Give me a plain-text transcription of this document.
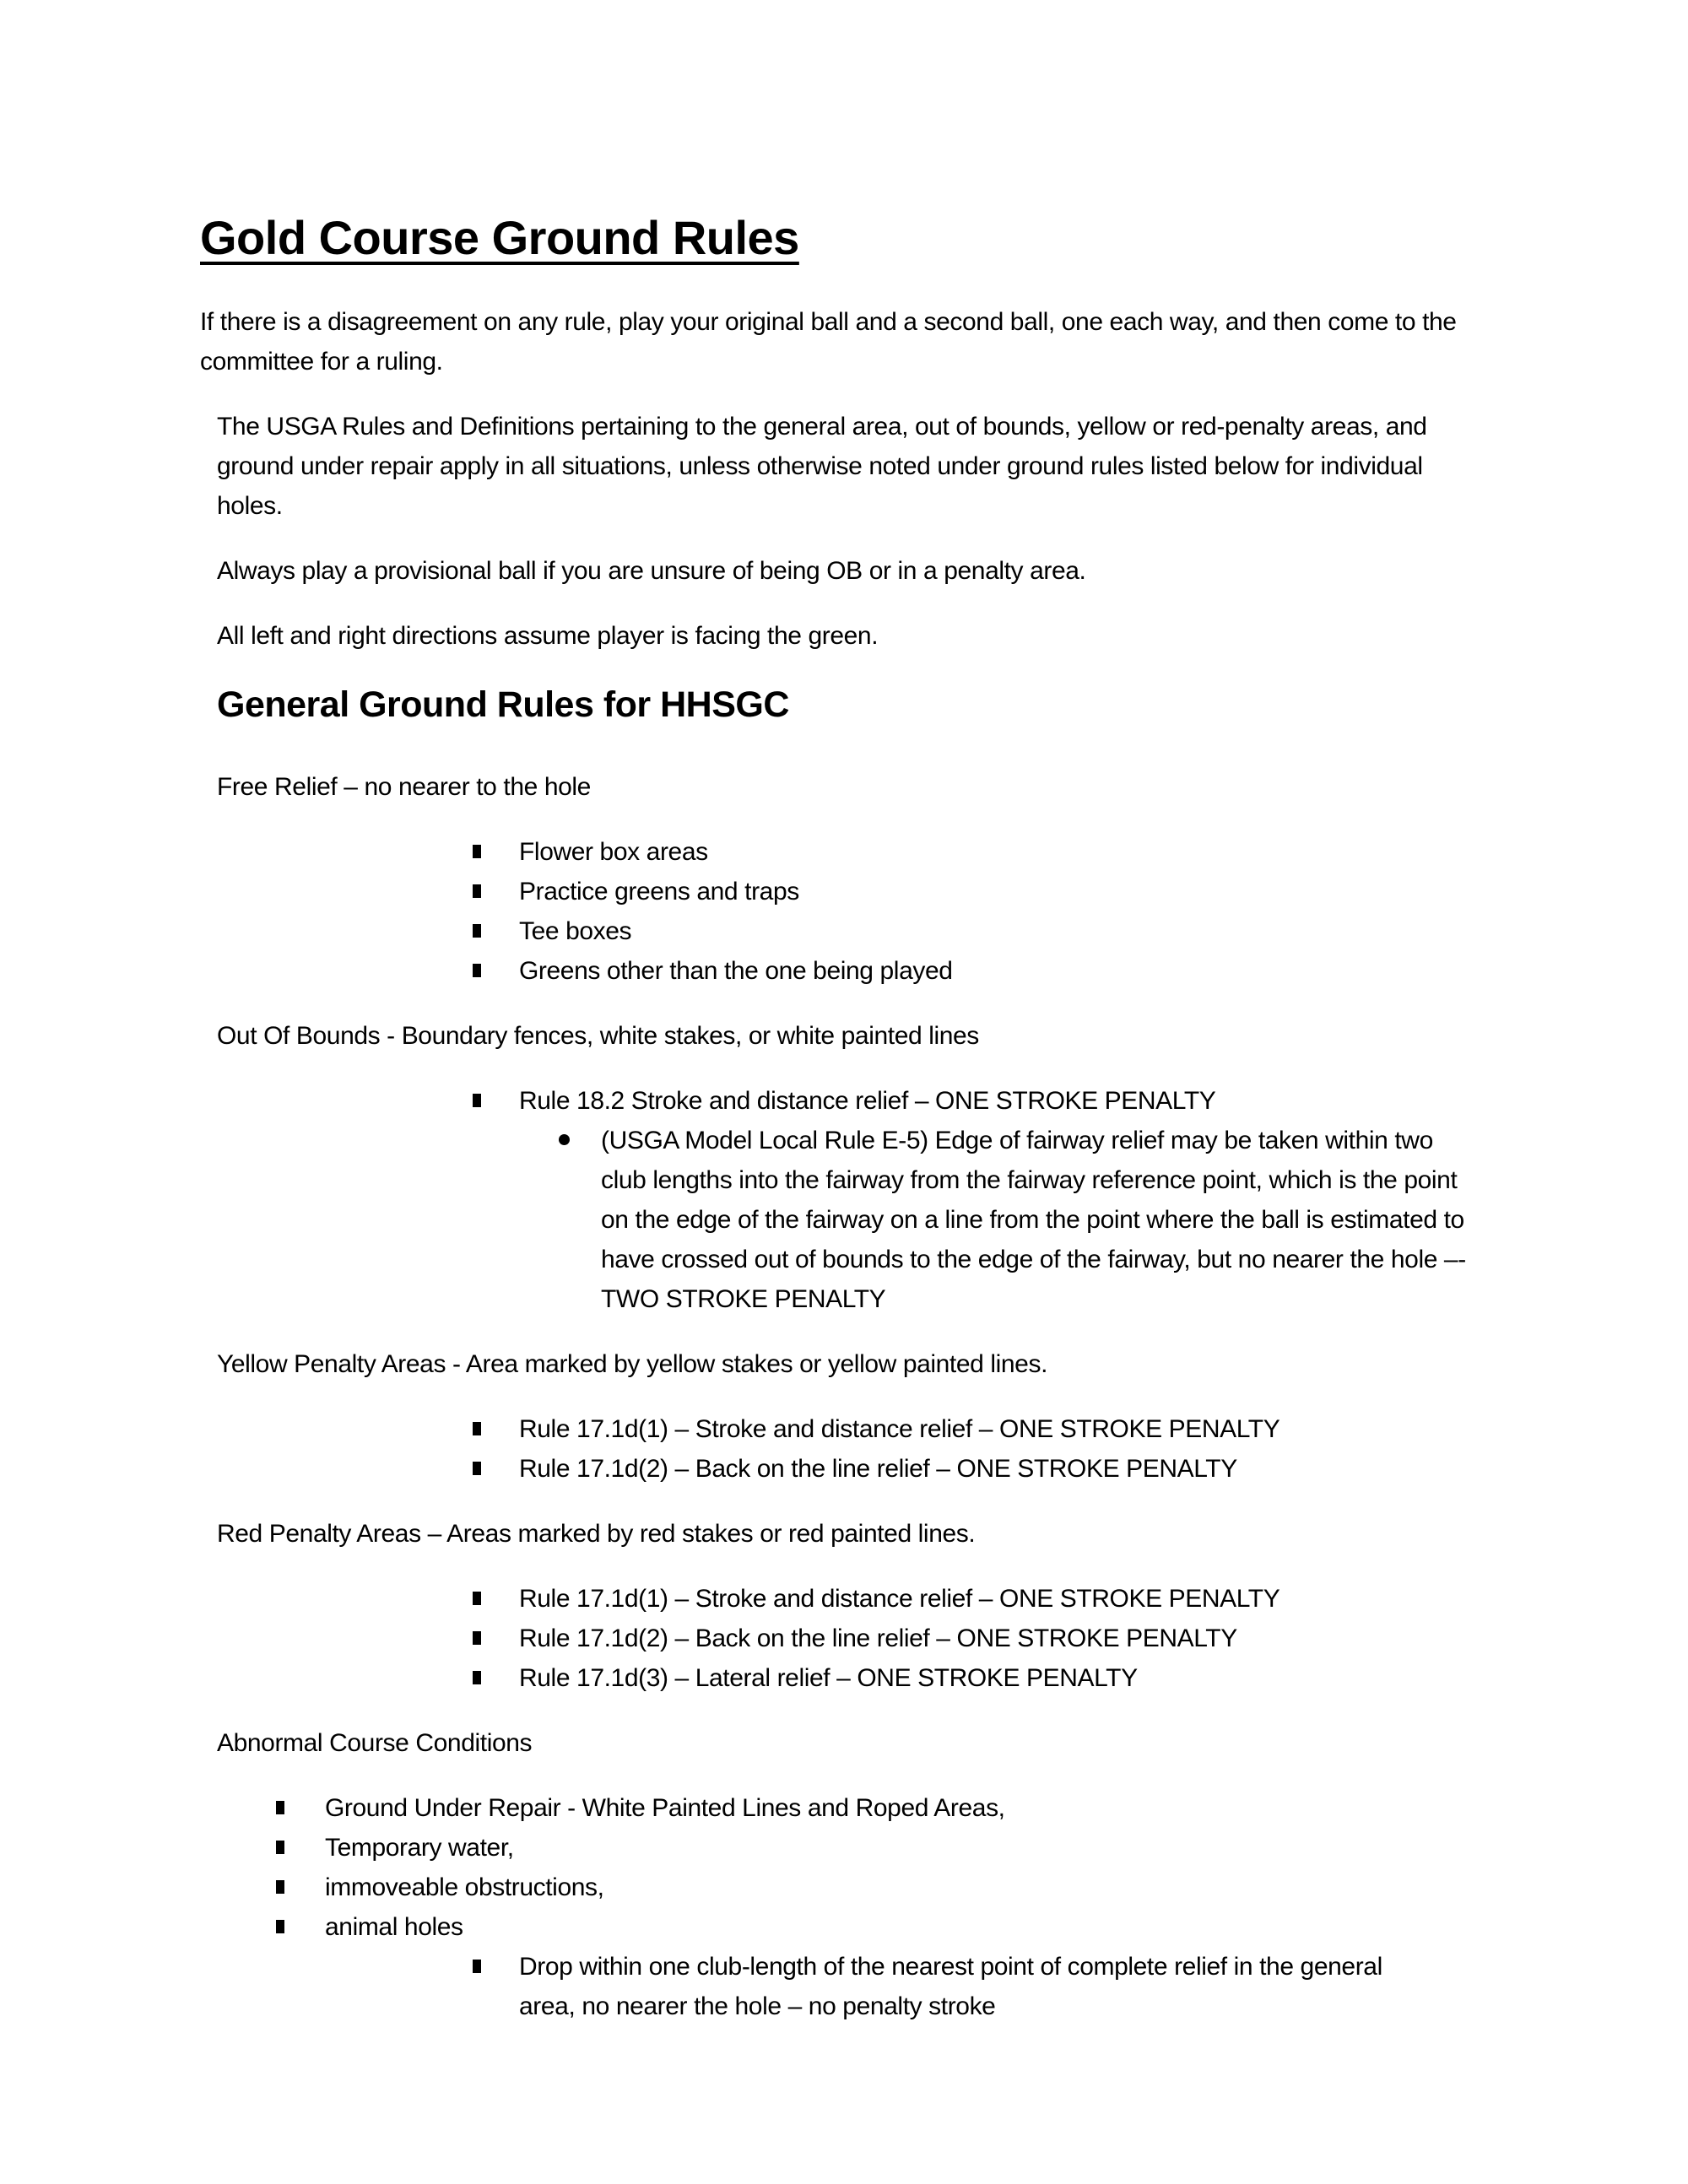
Gold Course Ground Rules

If there is a disagreement on any rule, play your original ball and a second ball, one each way, and then come to the committee for a ruling.

The USGA Rules and Definitions pertaining to the general area, out of bounds, yellow or red-penalty areas, and ground under repair apply in all situations, unless otherwise noted under ground rules listed below for individual holes.

Always play a provisional ball if you are unsure of being OB or in a penalty area.

All left and right directions assume player is facing the green.

General Ground Rules for HHSGC

Free Relief – no nearer to the hole

Flower box areas
Practice greens and traps
Tee boxes
Greens other than the one being played

Out Of Bounds - Boundary fences, white stakes, or white painted lines

Rule 18.2 Stroke and distance relief – ONE STROKE PENALTY
(USGA Model Local Rule E-5) Edge of fairway relief may be taken within two club lengths into the fairway from the fairway reference point, which is the point on the edge of the fairway on a line from the point where the ball is estimated to have crossed out of bounds to the edge of the fairway, but no nearer the hole –- TWO STROKE PENALTY

Yellow Penalty Areas - Area marked by yellow stakes or yellow painted lines.

Rule 17.1d(1) – Stroke and distance relief – ONE STROKE PENALTY
Rule 17.1d(2) – Back on the line relief – ONE STROKE PENALTY

Red Penalty Areas – Areas marked by red stakes or red painted lines.

Rule 17.1d(1) – Stroke and distance relief – ONE STROKE PENALTY
Rule 17.1d(2) – Back on the line relief – ONE STROKE PENALTY
Rule 17.1d(3) – Lateral relief – ONE STROKE PENALTY

Abnormal Course Conditions

Ground Under Repair - White Painted Lines and Roped Areas,
Temporary water,
immoveable obstructions,
animal holes
Drop within one club-length of the nearest point of complete relief in the general area, no nearer the hole – no penalty stroke
